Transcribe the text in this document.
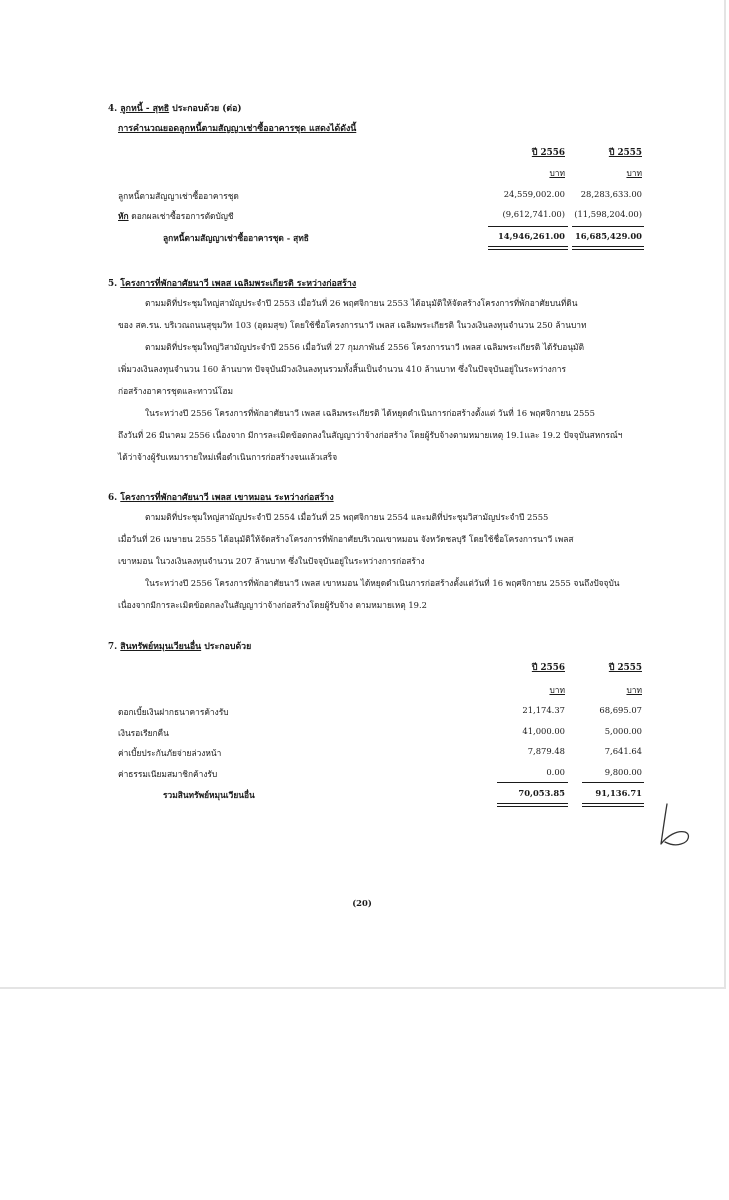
4. ลูกหนี้ - สุทธิ ประกอบด้วย (ต่อ)
การคำนวณยอดลูกหนี้ตามสัญญาเช่าซื้ออาคารชุด แสดงได้ดังนี้
ปี 2556	ปี 2555
บาท	บาท
ลูกหนี้ตามสัญญาเช่าซื้ออาคารชุด	24,559,002.00	28,283,633.00
หัก ดอกผลเช่าซื้อรอการตัดบัญชี	(9,612,741.00)	(11,598,204.00)
ลูกหนี้ตามสัญญาเช่าซื้ออาคารชุด - สุทธิ	14,946,261.00	16,685,429.00
5. โครงการที่พักอาศัยนาวี เพลส เฉลิมพระเกียรติ ระหว่างก่อสร้าง
ตามมติที่ประชุมใหญ่สามัญประจำปี 2553 เมื่อวันที่ 26 พฤศจิกายน 2553 ได้อนุมัติให้จัดสร้างโครงการที่พักอาศัยบนที่ดิน
ของ สค.รน. บริเวณถนนสุขุมวิท 103 (อุดมสุข) โดยใช้ชื่อโครงการนาวี เพลส เฉลิมพระเกียรติ ในวงเงินลงทุนจำนวน 250 ล้านบาท
ตามมติที่ประชุมใหญ่วิสามัญประจำปี 2556 เมื่อวันที่ 27 กุมภาพันธ์ 2556 โครงการนาวี เพลส เฉลิมพระเกียรติ ได้รับอนุมัติ
เพิ่มวงเงินลงทุนจำนวน 160 ล้านบาท ปัจจุบันมีวงเงินลงทุนรวมทั้งสิ้นเป็นจำนวน 410 ล้านบาท ซึ่งในปัจจุบันอยู่ในระหว่างการ
ก่อสร้างอาคารชุดและทาวน์โฮม
ในระหว่างปี 2556 โครงการที่พักอาศัยนาวี เพลส เฉลิมพระเกียรติ ได้หยุดดำเนินการก่อสร้างตั้งแต่ วันที่ 16 พฤศจิกายน 2555
ถึงวันที่ 26 มีนาคม 2556 เนื่องจาก มีการละเมิดข้อตกลงในสัญญาว่าจ้างก่อสร้าง โดยผู้รับจ้างตามหมายเหตุ 19.1และ 19.2 ปัจจุบันสหกรณ์ฯ
ได้ว่าจ้างผู้รับเหมารายใหม่เพื่อดำเนินการก่อสร้างจนแล้วเสร็จ
6. โครงการที่พักอาศัยนาวี เพลส เขาหมอน ระหว่างก่อสร้าง
ตามมติที่ประชุมใหญ่สามัญประจำปี 2554 เมื่อวันที่ 25 พฤศจิกายน 2554 และมติที่ประชุมวิสามัญประจำปี 2555
เมื่อวันที่ 26 เมษายน 2555 ได้อนุมัติให้จัดสร้างโครงการที่พักอาศัยบริเวณเขาหมอน จังหวัดชลบุรี โดยใช้ชื่อโครงการนาวี เพลส
เขาหมอน ในวงเงินลงทุนจำนวน 207 ล้านบาท ซึ่งในปัจจุบันอยู่ในระหว่างการก่อสร้าง
ในระหว่างปี 2556 โครงการที่พักอาศัยนาวี เพลส เขาหมอน ได้หยุดดำเนินการก่อสร้างตั้งแต่วันที่ 16 พฤศจิกายน 2555 จนถึงปัจจุบัน
เนื่องจากมีการละเมิดข้อตกลงในสัญญาว่าจ้างก่อสร้างโดยผู้รับจ้าง ตามหมายเหตุ 19.2
7. สินทรัพย์หมุนเวียนอื่น ประกอบด้วย
ปี 2556	ปี 2555
บาท	บาท
ดอกเบี้ยเงินฝากธนาคารค้างรับ	21,174.37	68,695.07
เงินรอเรียกคืน	41,000.00	5,000.00
ค่าเบี้ยประกันภัยจ่ายล่วงหน้า	7,879.48	7,641.64
ค่าธรรมเนียมสมาชิกค้างรับ	0.00	9,800.00
รวมสินทรัพย์หมุนเวียนอื่น	70,053.85	91,136.71
(20)
